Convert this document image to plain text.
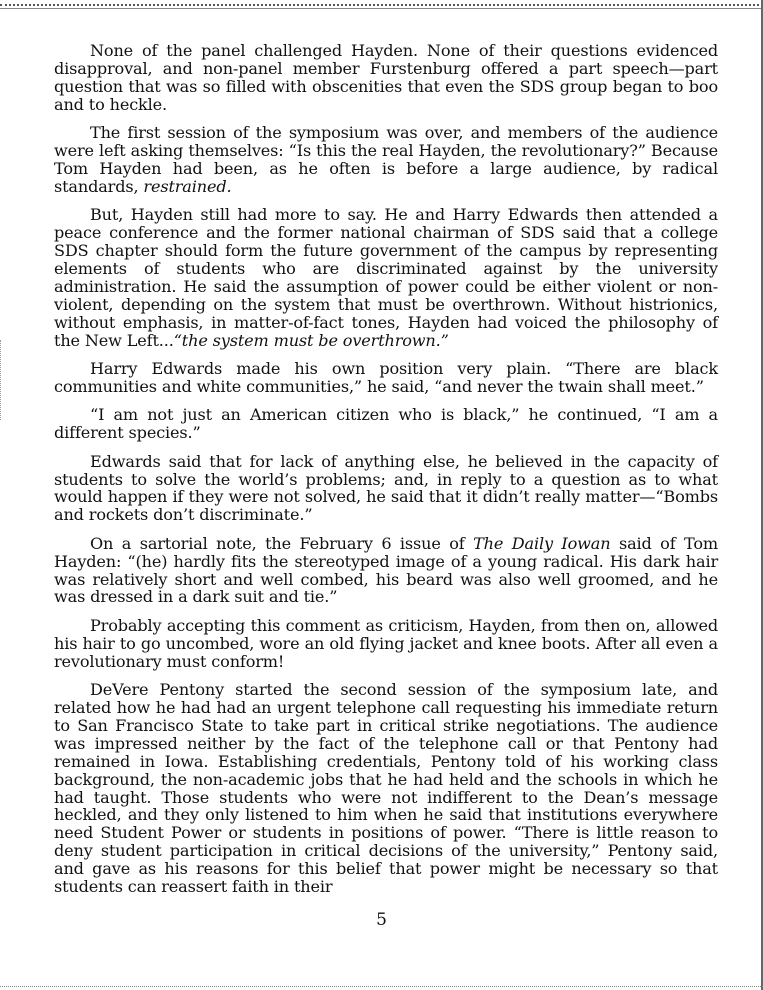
None of the panel challenged Hayden. None of their questions evidenced disapproval, and non-panel member Furstenburg offered a part speech—part question that was so filled with obscenities that even the SDS group began to boo and to heckle.

The first session of the symposium was over, and members of the audience were left asking themselves: “Is this the real Hayden, the revolutionary?” Because Tom Hayden had been, as he often is before a large audience, by radical standards, restrained.

But, Hayden still had more to say. He and Harry Edwards then attended a peace conference and the former national chairman of SDS said that a college SDS chapter should form the future government of the campus by representing elements of students who are discriminated against by the university administration. He said the assumption of power could be either violent or non-violent, depending on the system that must be overthrown. Without histrionics, without emphasis, in matter-of-fact tones, Hayden had voiced the philosophy of the New Left...“the system must be overthrown.”

Harry Edwards made his own position very plain. “There are black communities and white communities,” he said, “and never the twain shall meet.”

“I am not just an American citizen who is black,” he continued, “I am a different species.”

Edwards said that for lack of anything else, he believed in the capacity of students to solve the world’s problems; and, in reply to a question as to what would happen if they were not solved, he said that it didn’t really matter—“Bombs and rockets don’t discriminate.”

On a sartorial note, the February 6 issue of The Daily Iowan said of Tom Hayden: “(he) hardly fits the stereotyped image of a young radical. His dark hair was relatively short and well combed, his beard was also well groomed, and he was dressed in a dark suit and tie.”

Probably accepting this comment as criticism, Hayden, from then on, allowed his hair to go uncombed, wore an old flying jacket and knee boots. After all even a revolutionary must conform!

DeVere Pentony started the second session of the symposium late, and related how he had had an urgent telephone call requesting his immediate return to San Francisco State to take part in critical strike negotiations. The audience was impressed neither by the fact of the telephone call or that Pentony had remained in Iowa. Establishing credentials, Pentony told of his working class background, the non-academic jobs that he had held and the schools in which he had taught. Those students who were not indifferent to the Dean’s message heckled, and they only listened to him when he said that institutions everywhere need Student Power or students in positions of power. “There is little reason to deny student participation in critical decisions of the university,” Pentony said, and gave as his reasons for this belief that power might be necessary so that students can reassert faith in their

5
